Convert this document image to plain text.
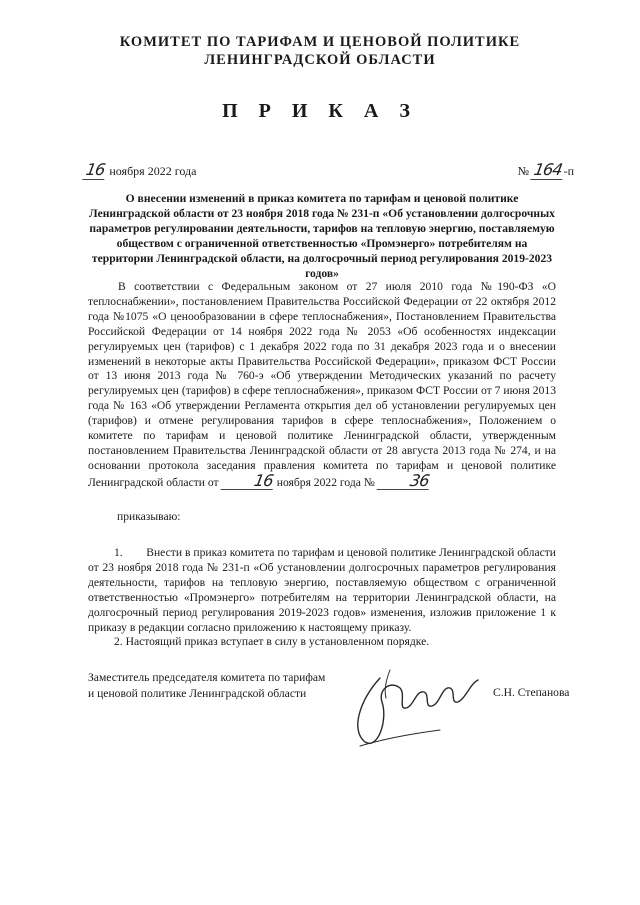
КОМИТЕТ ПО ТАРИФАМ И ЦЕНОВОЙ ПОЛИТИКЕ
ЛЕНИНГРАДСКОЙ ОБЛАСТИ
П Р И К А З
16 ноября 2022 года	№ 164-п
О внесении изменений в приказ комитета по тарифам и ценовой политике Ленинградской области от 23 ноября 2018 года № 231-п «Об установлении долгосрочных параметров регулировании деятельности, тарифов на тепловую энергию, поставляемую обществом с ограниченной ответственностью «Промэнерго» потребителям на территории Ленинградской области, на долгосрочный период регулирования 2019-2023 годов»

В соответствии с Федеральным законом от 27 июля 2010 года №190-ФЗ «О теплоснабжении», постановлением Правительства Российской Федерации от 22 октября 2012 года №1075 «О ценообразовании в сфере теплоснабжения», Постановлением Правительства Российской Федерации от 14 ноября 2022 года № 2053 «Об особенностях индексации регулируемых цен (тарифов) с 1 декабря 2022 года по 31 декабря 2023 года и о внесении изменений в некоторые акты Правительства Российской Федерации», приказом ФСТ России от 13 июня 2013 года № 760-э «Об утверждении Методических указаний по расчету регулируемых цен (тарифов) в сфере теплоснабжения», приказом ФСТ России от 7 июня 2013 года № 163 «Об утверждении Регламента открытия дел об установлении регулируемых цен (тарифов) и отмене регулирования тарифов в сфере теплоснабжения», Положением о комитете по тарифам и ценовой политике Ленинградской области, утвержденным постановлением Правительства Ленинградской области от 28 августа 2013 года № 274, и на основании протокола заседания правления комитета по тарифам и ценовой политике Ленинградской области от 16 ноября 2022 года № 36

приказываю:

1. Внести в приказ комитета по тарифам и ценовой политике Ленинградской области от 23 ноября 2018 года № 231-п «Об установлении долгосрочных параметров регулирования деятельности, тарифов на тепловую энергию, поставляемую обществом с ограниченной ответственностью «Промэнерго» потребителям на территории Ленинградской области, на долгосрочный период регулирования 2019-2023 годов» изменения, изложив приложение 1 к приказу в редакции согласно приложению к настоящему приказу.

2. Настоящий приказ вступает в силу в установленном порядке.

Заместитель председателя комитета по тарифам
и ценовой политике Ленинградской области	С.Н. Степанова
